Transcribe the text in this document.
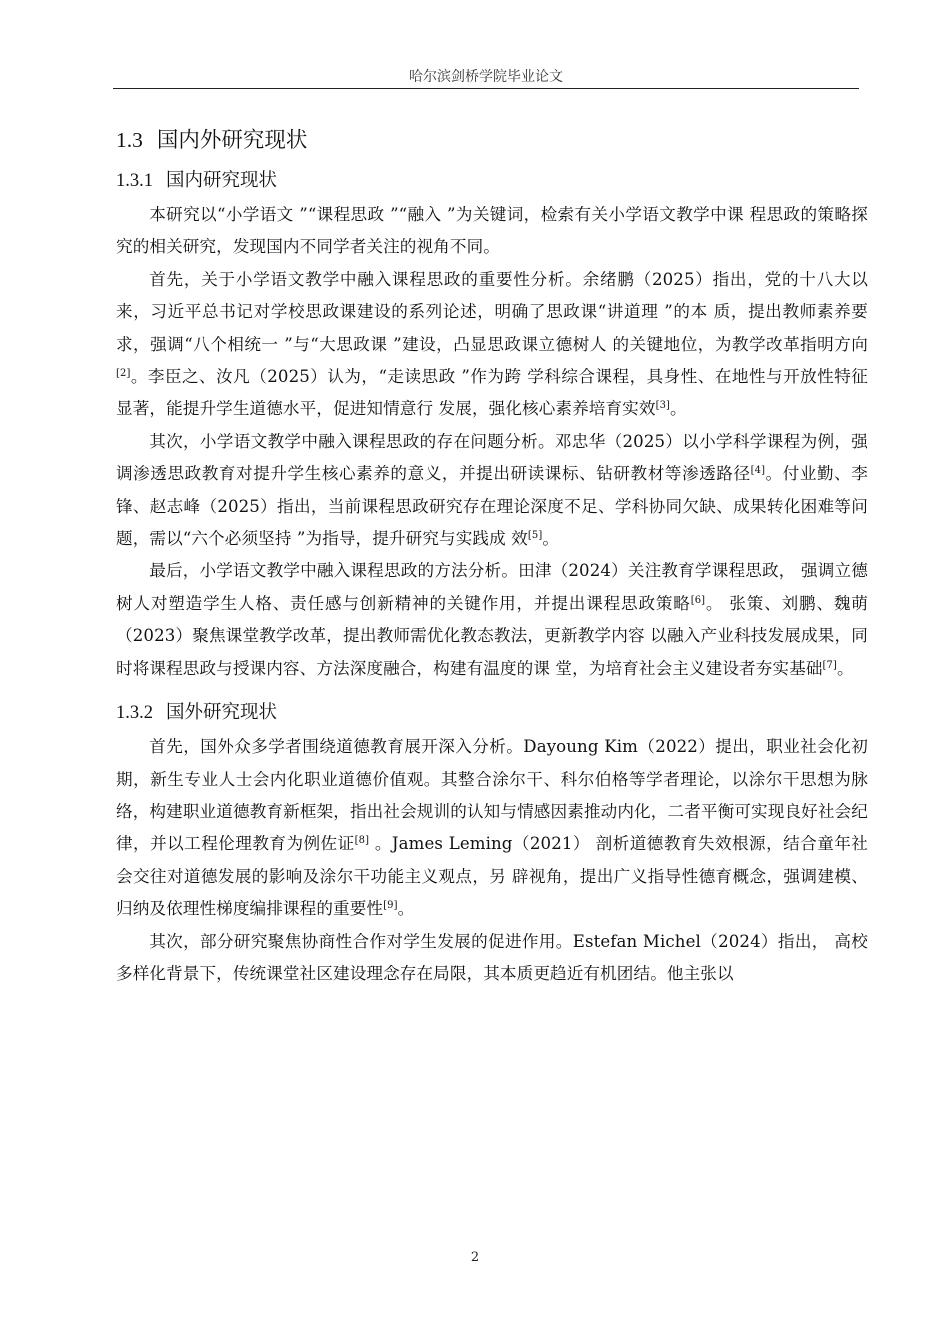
哈尔滨剑桥学院毕业论文
1.3 国内外研究现状
1.3.1 国内研究现状

本研究以“小学语文 ”“课程思政 ”“融入 ”为关键词，检索有关小学语文教学中课 程思政的策略探究的相关研究，发现国内不同学者关注的视角不同。

首先，关于小学语文教学中融入课程思政的重要性分析。余绪鹏（2025）指出，党的十八大以来，习近平总书记对学校思政课建设的系列论述，明确了思政课“讲道理 ”的本 质，提出教师素养要求，强调“八个相统一 ”与“大思政课 ”建设，凸显思政课立德树人 的关键地位，为教学改革指明方向[2]。李臣之、汝凡（2025）认为，“走读思政 ”作为跨 学科综合课程，具身性、在地性与开放性特征显著，能提升学生道德水平，促进知情意行 发展，强化核心素养培育实效[3]。

其次，小学语文教学中融入课程思政的存在问题分析。邓忠华（2025）以小学科学课程为例，强调渗透思政教育对提升学生核心素养的意义，并提出研读课标、钻研教材等渗透路径[4]。付业勤、李锋、赵志峰（2025）指出，当前课程思政研究存在理论深度不足、学科协同欠缺、成果转化困难等问题，需以“六个必须坚持 ”为指导，提升研究与实践成 效[5]。

最后，小学语文教学中融入课程思政的方法分析。田津（2024）关注教育学课程思政， 强调立德树人对塑造学生人格、责任感与创新精神的关键作用，并提出课程思政策略[6]。 张策、刘鹏、魏萌（2023）聚焦课堂教学改革，提出教师需优化教态教法，更新教学内容 以融入产业科技发展成果，同时将课程思政与授课内容、方法深度融合，构建有温度的课 堂，为培育社会主义建设者夯实基础[7]。

1.3.2 国外研究现状

首先，国外众多学者围绕道德教育展开深入分析。Dayoung Kim（2022）提出，职业社会化初期，新生专业人士会内化职业道德价值观。其整合涂尔干、科尔伯格等学者理论，以涂尔干思想为脉络，构建职业道德教育新框架，指出社会规训的认知与情感因素推动内化，二者平衡可实现良好社会纪律，并以工程伦理教育为例佐证[8] 。James Leming（2021） 剖析道德教育失效根源，结合童年社会交往对道德发展的影响及涂尔干功能主义观点，另 辟视角，提出广义指导性德育概念，强调建模、归纳及依理性梯度编排课程的重要性[9]。

其次，部分研究聚焦协商性合作对学生发展的促进作用。Estefan Michel（2024）指出， 高校多样化背景下，传统课堂社区建设理念存在局限，其本质更趋近有机团结。他主张以

2
